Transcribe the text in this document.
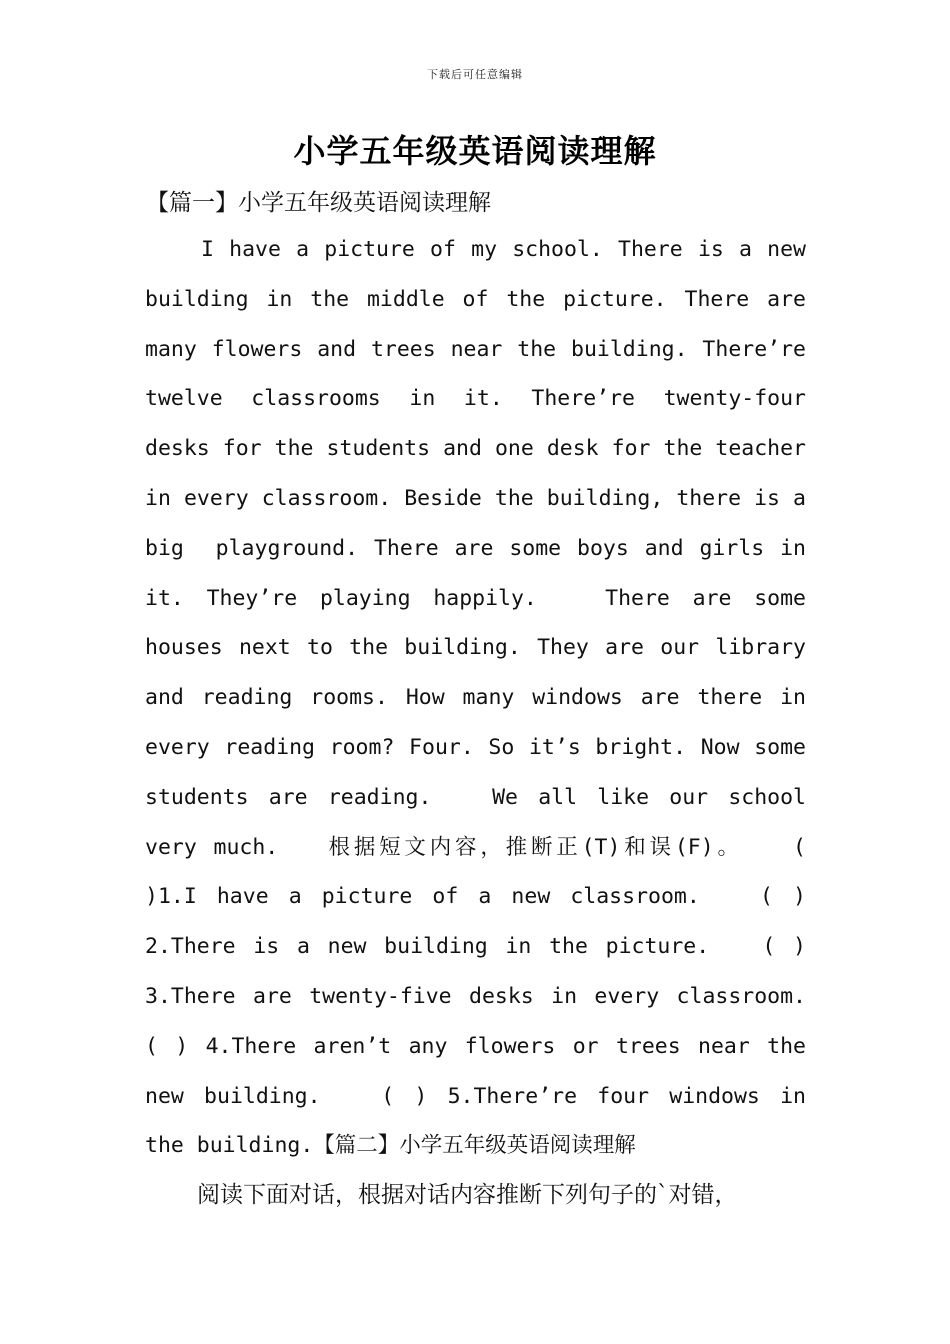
下载后可任意编辑
小学五年级英语阅读理解
【篇一】小学五年级英语阅读理解
I have a picture of my school. There is a new
building in the middle of the picture. There are
many flowers and trees near the building. There’re
twelve classrooms in it. There’re twenty-four
desks for the students and one desk for the teacher
in every classroom. Beside the building, there is a
big  playground. There are some boys and girls in
it. They’re playing happily.   There are some
houses next to the building. They are our library
and reading rooms. How many windows are there in
every reading room? Four. So it’s bright. Now some
students are reading.   We all like our school
very much.   根据短文内容，推断正(T)和误(F)。   (
)1.I have a picture of a new classroom.   ( )
2.There is a new building in the picture.   ( )
3.There are twenty-five desks in every classroom.
( ) 4.There aren’t any flowers or trees near the
new building.   ( ) 5.There’re four windows in
the building.【篇二】小学五年级英语阅读理解
阅读下面对话，根据对话内容推断下列句子的`对错，
